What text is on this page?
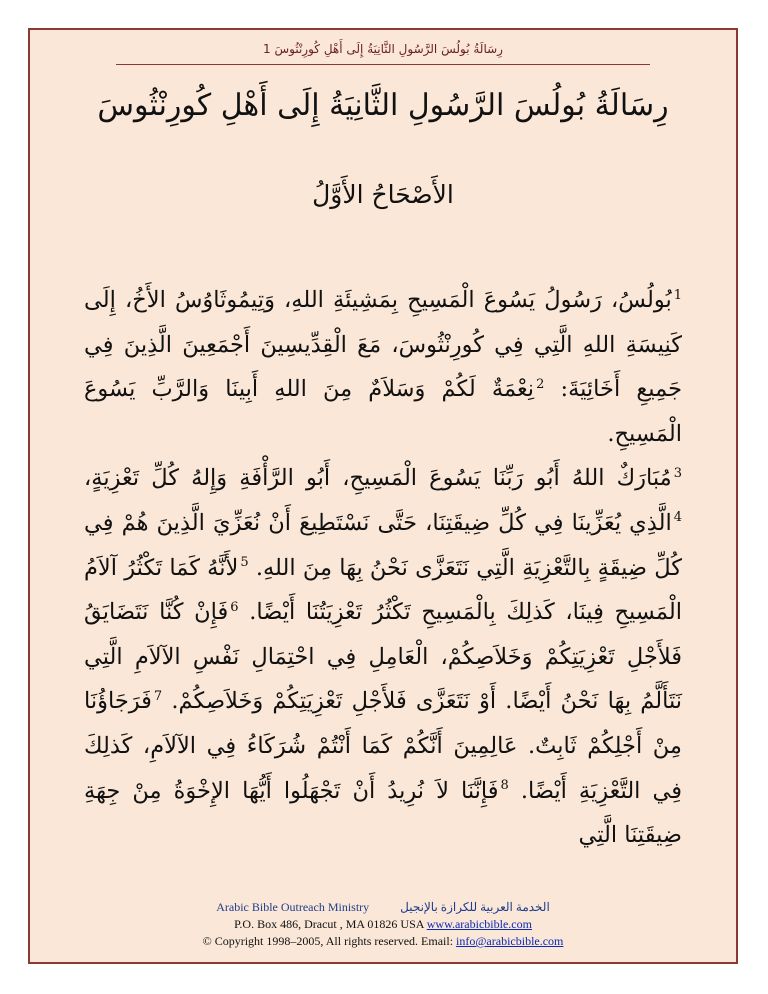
رِسَالَةُ بُولُسَ الرَّسُولِ الثَّانِيَةُ إِلَى أَهْلِ كُورِنْثُوسَ 1
رِسَالَةُ بُولُسَ الرَّسُولِ الثَّانِيَةُ إِلَى أَهْلِ كُورِنْثُوسَ
الأَصْحَاحُ الأَوَّلُ
$^1$بُولُسُ، رَسُولُ يَسُوعَ الْمَسِيحِ بِمَشِيئَةِ اللهِ، وَتِيمُوثَاوُسُ الأَخُ، إِلَى كَنِيسَةِ اللهِ الَّتِي فِي كُورِنْثُوسَ، مَعَ الْقِدِّيسِينَ أَجْمَعِينَ الَّذِينَ فِي جَمِيعِ أَخَائِيَةَ: $^2$نِعْمَةٌ لَكُمْ وَسَلاَمٌ مِنَ اللهِ أَبِينَا وَالرَّبِّ يَسُوعَ الْمَسِيحِ.
$^3$مُبَارَكٌ اللهُ أَبُو رَبِّنَا يَسُوعَ الْمَسِيحِ، أَبُو الرَّأْفَةِ وَإِلهُ كُلِّ تَعْزِيَةٍ، $^4$الَّذِي يُعَزِّينَا فِي كُلِّ ضِيقَتِنَا، حَتَّى نَسْتَطِيعَ أَنْ نُعَزِّيَ الَّذِينَ هُمْ فِي كُلِّ ضِيقَةٍ بِالتَّعْزِيَةِ الَّتِي نَتَعَزَّى نَحْنُ بِهَا مِنَ اللهِ. $^5$لأَنَّهُ كَمَا تَكْثُرُ آلاَمُ الْمَسِيحِ فِينَا، كَذلِكَ بِالْمَسِيحِ تَكْثُرُ تَعْزِيَتُنَا أَيْضًا. $^6$فَإِنْ كُنَّا نَتَضَايَقُ فَلأَجْلِ تَعْزِيَتِكُمْ وَخَلاَصِكُمْ، الْعَامِلِ فِي احْتِمَالِ نَفْسِ الآلاَمِ الَّتِي نَتَأَلَّمُ بِهَا نَحْنُ أَيْضًا. أَوْ نَتَعَزَّى فَلأَجْلِ تَعْزِيَتِكُمْ وَخَلاَصِكُمْ. $^7$فَرَجَاؤُنَا مِنْ أَجْلِكُمْ ثَابِتٌ. عَالِمِينَ أَنَّكُمْ كَمَا أَنْتُمْ شُرَكَاءُ فِي الآلاَمِ، كَذلِكَ فِي التَّعْزِيَةِ أَيْضًا. $^8$فَإِنَّنَا لاَ نُرِيدُ أَنْ تَجْهَلُوا أَيُّهَا الإِخْوَةُ مِنْ جِهَةِ ضِيقَتِنَا الَّتِي
Arabic Bible Outreach Ministry	الخدمة العربية للكرازة بالإنجيل
P.O. Box 486, Dracut , MA 01826 USA www.arabicbible.com
© Copyright 1998–2005, All rights reserved. Email: info@arabicbible.com
